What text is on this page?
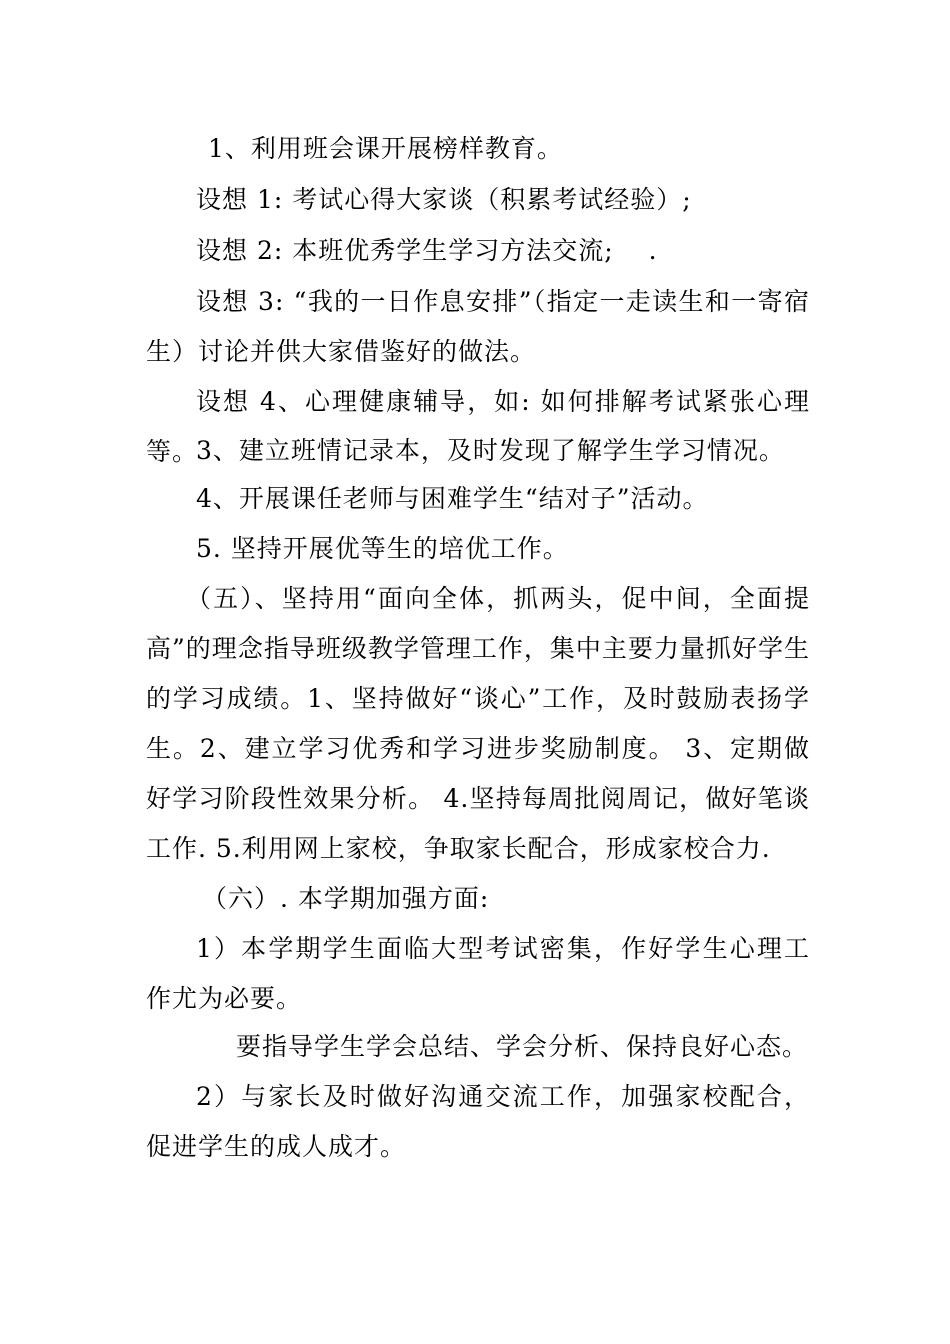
1、利用班会课开展榜样教育。

设想 1: 考试心得大家谈（积累考试经验）;

设想 2: 本班优秀学生学习方法交流;　 .

设想 3: “我的一日作息安排”（指定一走读生和一寄宿生）讨论并供大家借鉴好的做法。

设想 4、心理健康辅导，如: 如何排解考试紧张心理等。

3、建立班情记录本，及时发现了解学生学习情况。

4、开展课任老师与困难学生“结对子”活动。

5. 坚持开展优等生的培优工作。

（五）、坚持用“面向全体，抓两头，促中间，全面提高”的理念指导班级教学管理工作，集中主要力量抓好学生的学习成绩。1、坚持做好“谈心”工作，及时鼓励表扬学生。2、建立学习优秀和学习进步奖励制度。 3、定期做好学习阶段性效果分析。 4.坚持每周批阅周记，做好笔谈工作. 5.利用网上家校，争取家长配合，形成家校合力.

（六）. 本学期加强方面:

1）本学期学生面临大型考试密集，作好学生心理工作尤为必要。

要指导学生学会总结、学会分析、保持良好心态。

2）与家长及时做好沟通交流工作，加强家校配合，促进学生的成人成才。
